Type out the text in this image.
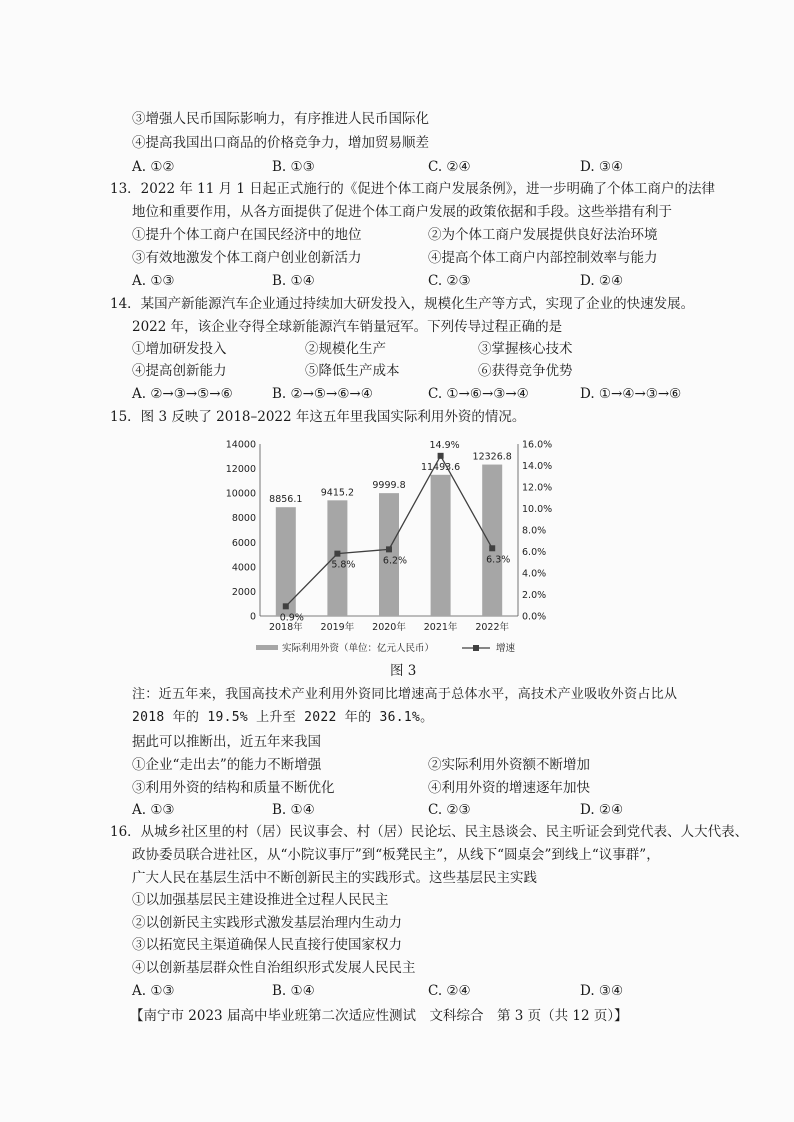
③增强人民币国际影响力，有序推进人民币国际化
④提高我国出口商品的价格竞争力，增加贸易顺差
A. ①②	B. ①③	C. ②④	D. ③④
13．2022 年 11 月 1 日起正式施行的《促进个体工商户发展条例》，进一步明确了个体工商户的法律
地位和重要作用，从各方面提供了促进个体工商户发展的政策依据和手段。这些举措有利于
①提升个体工商户在国民经济中的地位	②为个体工商户发展提供良好法治环境
③有效地激发个体工商户创业创新活力	④提高个体工商户内部控制效率与能力
A. ①③	B. ①④	C. ②③	D. ②④
14．某国产新能源汽车企业通过持续加大研发投入，规模化生产等方式，实现了企业的快速发展。
2022 年，该企业夺得全球新能源汽车销量冠军。下列传导过程正确的是
①增加研发投入	②规模化生产	③掌握核心技术
④提高创新能力	⑤降低生产成本	⑥获得竞争优势
A. ②→③→⑤→⑥	B. ②→⑤→⑥→④	C. ①→⑥→③→④	D. ①→④→③→⑥
15．图 3 反映了 2018–2022 年这五年里我国实际利用外资的情况。
0
2000
4000
6000
8000
10000
12000
14000
0.0%
2.0%
4.0%
6.0%
8.0%
10.0%
12.0%
14.0%
16.0%
8856.1
9415.2
9999.8
11493.6
12326.8
2018年 2019年 2020年 2021年 2022年
0.9%
5.8%	6.2%
14.9%
6.3%
实际利用外资（单位：亿元人民币）	增速
图 3
注：近五年来，我国高技术产业利用外资同比增速高于总体水平，高技术产业吸收外资占比从
2018 年的 19.5% 上升至 2022 年的 36.1%。
据此可以推断出，近五年来我国
①企业“走出去”的能力不断增强	②实际利用外资额不断增加
③利用外资的结构和质量不断优化	④利用外资的增速逐年加快
A. ①③	B. ①④	C. ②③	D. ②④
16．从城乡社区里的村（居）民议事会、村（居）民论坛、民主恳谈会、民主听证会到党代表、人大代表、
政协委员联合进社区，从“小院议事厅”到“板凳民主”，从线下“圆桌会”到线上“议事群”，
广大人民在基层生活中不断创新民主的实践形式。这些基层民主实践
①以加强基层民主建设推进全过程人民民主
②以创新民主实践形式激发基层治理内生动力
③以拓宽民主渠道确保人民直接行使国家权力
④以创新基层群众性自治组织形式发展人民民主
A. ①③	B. ①④	C. ②④	D. ③④
【南宁市 2023 届高中毕业班第二次适应性测试　文科综合　第 3 页（共 12 页）】
